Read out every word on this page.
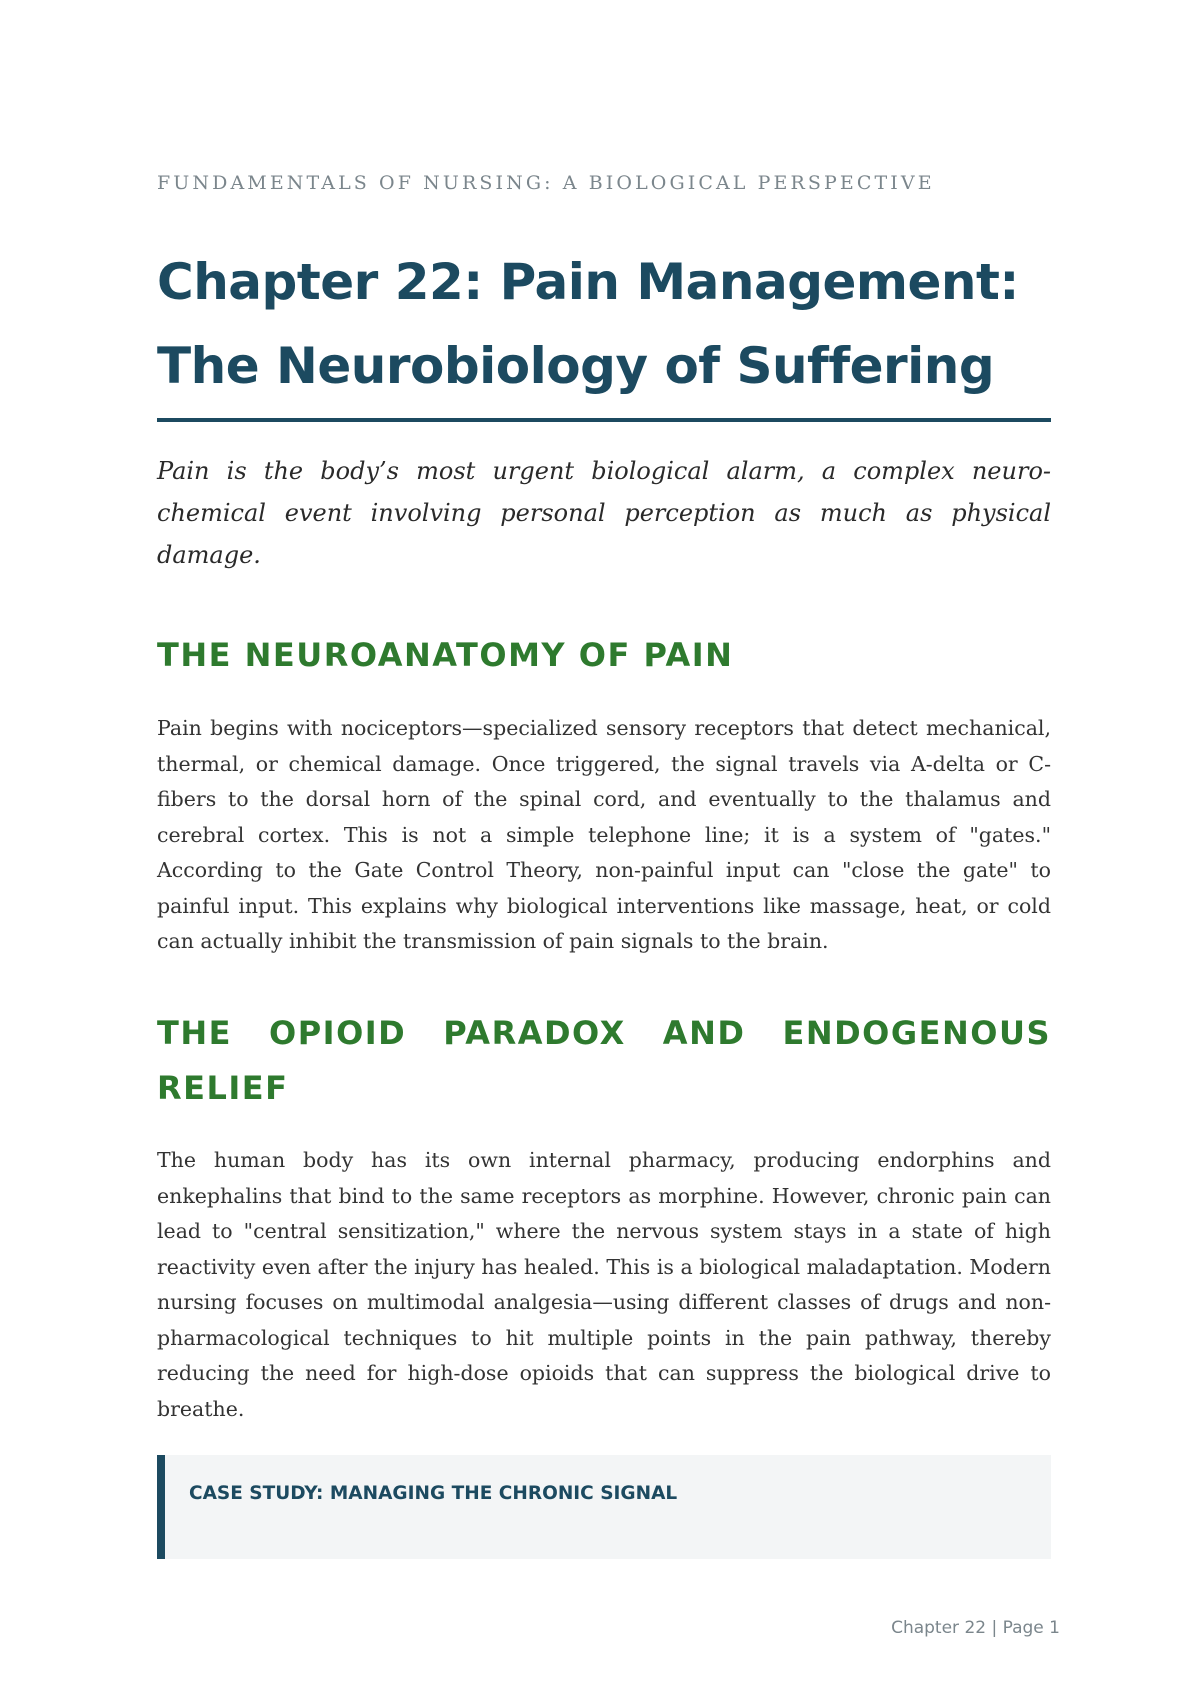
FUNDAMENTALS OF NURSING: A BIOLOGICAL PERSPECTIVE
Chapter 22: Pain Management:
The Neurobiology of Suffering

Pain is the body’s most urgent biological alarm, a complex neuro-chemical event involving personal perception as much as physical damage.

THE NEUROANATOMY OF PAIN

Pain begins with nociceptors—specialized sensory receptors that detect mechanical, thermal, or chemical damage. Once triggered, the signal travels via A-delta or C-fibers to the dorsal horn of the spinal cord, and eventually to the thalamus and cerebral cortex. This is not a simple telephone line; it is a system of "gates." According to the Gate Control Theory, non-painful input can "close the gate" to painful input. This explains why biological interventions like massage, heat, or cold can actually inhibit the transmission of pain signals to the brain.

THE OPIOID PARADOX AND ENDOGENOUS RELIEF

The human body has its own internal pharmacy, producing endorphins and enkephalins that bind to the same receptors as morphine. However, chronic pain can lead to "central sensitization," where the nervous system stays in a state of high reactivity even after the injury has healed. This is a biological maladaptation. Modern nursing focuses on multimodal analgesia—using different classes of drugs and non-pharmacological techniques to hit multiple points in the pain pathway, thereby reducing the need for high-dose opioids that can suppress the biological drive to breathe.

CASE STUDY: MANAGING THE CHRONIC SIGNAL
Chapter 22 | Page 1
